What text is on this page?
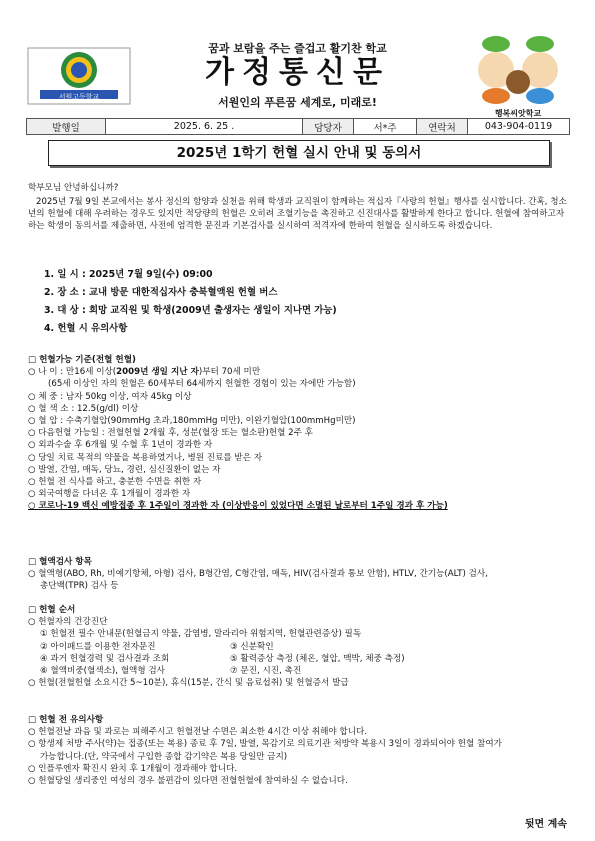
서원고등학교
꿈과 보람을 주는 즐겁고 활기찬 학교
가정통신문
서원인의 푸른꿈 세계로, 미래로!
행복씨앗학교
발행일	2025. 6. 25 .	담당자	서*주	연락처	043-904-0119
2025년 1학기 헌혈 실시 안내 및 동의서
학부모님 안녕하십니까?
2025년 7월 9일 본교에서는 봉사 정신의 함양과 실천을 위해 학생과 교직원이 함께하는 적십자『사랑의 헌혈』행사를 실시합니다. 간혹, 청소년의 헌혈에 대해 우려하는 경우도 있지만 적당량의 헌혈은 오히려 조혈기능을 촉진하고 신진대사를 활발하게 한다고 합니다. 헌혈에 참여하고자 하는 학생이 동의서를 제출하면, 사전에 엄격한 문진과 기본검사를 실시하여 적격자에 한하여 헌혈을 실시하도록 하겠습니다.
1. 일 시 : 2025년 7월 9일(수) 09:00
2. 장 소 : 교내 방문 대한적십자사 충북혈액원 헌혈 버스
3. 대 상 : 희망 교직원 및 학생(2009년 출생자는 생일이 지나면 가능)
4. 헌혈 시 유의사항
□ 헌혈가능 기준(전혈 헌혈)
○ 나 이 : 만16세 이상(2009년 생일 지난 자)부터 70세 미만
(65세 이상인 자의 헌혈은 60세부터 64세까지 헌혈한 경험이 있는 자에만 가능함)
○ 체 중 : 남자 50kg 이상, 여자 45kg 이상
○ 혈 색 소 : 12.5(g/dl) 이상
○ 혈 압 : 수축기혈압(90mmHg 초과,180mmHg 미만), 이완기혈압(100mmHg미만)
○ 다음헌혈 가능일 : 전혈헌혈 2개월 후, 성분(혈장 또는 혈소판)헌혈 2주 후
○ 외과수술 후 6개월 및 수혈 후 1년이 경과한 자
○ 당일 치료 목적의 약물을 복용하였거나, 병원 진료를 받은 자
○ 발열, 간염, 매독, 당뇨, 경련, 심신질환이 없는 자
○ 헌혈 전 식사를 하고, 충분한 수면을 취한 자
○ 외국여행을 다녀온 후 1개월이 경과한 자
○ 코로나-19 백신 예방접종 후 1주일이 경과한 자 (이상반응이 있었다면 소멸된 날로부터 1주일 경과 후 가능)
□ 혈액검사 항목
○ 혈액형(ABO, Rh, 비예기항체, 아형) 검사, B형간염, C형간염, 매독, HIV(검사결과 통보 안함), HTLV, 간기능(ALT) 검사,
총단백(TPR) 검사 등
□ 헌혈 순서
○ 헌혈자의 건강진단
① 헌혈전 필수 안내문(헌혈금지 약물, 감염병, 말라리아 위험지역, 헌혈관련증상) 필독
② 아이패드를 이용한 전자문진	③ 신분확인
④ 과거 헌혈경력 및 검사결과 조회	⑤ 활력증상 측정 (체온, 혈압, 맥박, 체중 측정)
⑥ 혈액비중(혈색소), 혈액형 검사	⑦ 문진, 시진, 촉진
○ 헌혈(전혈헌혈 소요시간 5~10분), 휴식(15분, 간식 및 음료섭취) 및 헌혈증서 발급
□ 헌혈 전 유의사항
○ 헌혈전날 과음 및 과로는 피해주시고 헌혈전날 수면은 최소한 4시간 이상 취해야 합니다.
○ 항생제 처방 주사(약)는 접종(또는 복용) 종료 후 7일, 발열, 목감기로 의료기관 처방약 복용시 3일이 경과되어야 헌혈 참여가
가능합니다.(단, 약국에서 구입한 종합 감기약은 복용 당일만 금지)
○ 인플루엔자 확진시 완치 후 1개월이 경과해야 합니다.
○ 헌혈당일 생리중인 여성의 경우 불편감이 있다면 전혈헌혈에 참여하실 수 없습니다.
뒷면 계속
